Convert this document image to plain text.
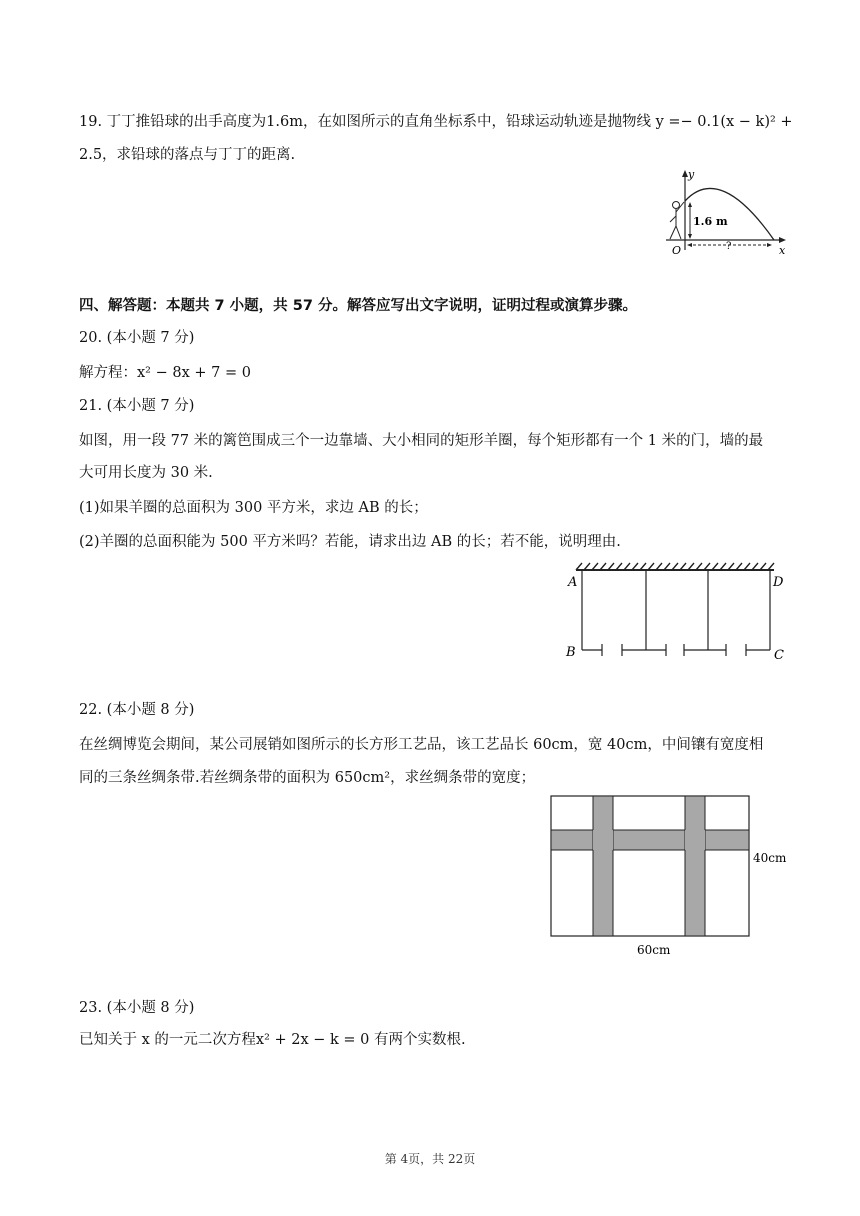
19. 丁丁推铅球的出手高度为1.6m，在如图所示的直角坐标系中，铅球运动轨迹是抛物线 y =− 0.1(x − k)² +
2.5，求铅球的落点与丁丁的距离.
y
x
O
1.6 m
?
四、解答题：本题共 7 小题，共 57 分。解答应写出文字说明，证明过程或演算步骤。
20. (本小题 7 分)
解方程：x² − 8x + 7 = 0
21. (本小题 7 分)
如图，用一段 77 米的篱笆围成三个一边靠墙、大小相同的矩形羊圈，每个矩形都有一个 1 米的门，墙的最
大可用长度为 30 米.
(1)如果羊圈的总面积为 300 平方米，求边 AB 的长；
(2)羊圈的总面积能为 500 平方米吗？若能，请求出边 AB 的长；若不能，说明理由.
A	D
B	C
22. (本小题 8 分)
在丝绸博览会期间，某公司展销如图所示的长方形工艺品，该工艺品长 60cm，宽 40cm，中间镶有宽度相
同的三条丝绸条带.若丝绸条带的面积为 650cm²，求丝绸条带的宽度；
40cm
60cm
23. (本小题 8 分)
已知关于 x 的一元二次方程x² + 2x − k = 0 有两个实数根.
第 4页，共 22页
